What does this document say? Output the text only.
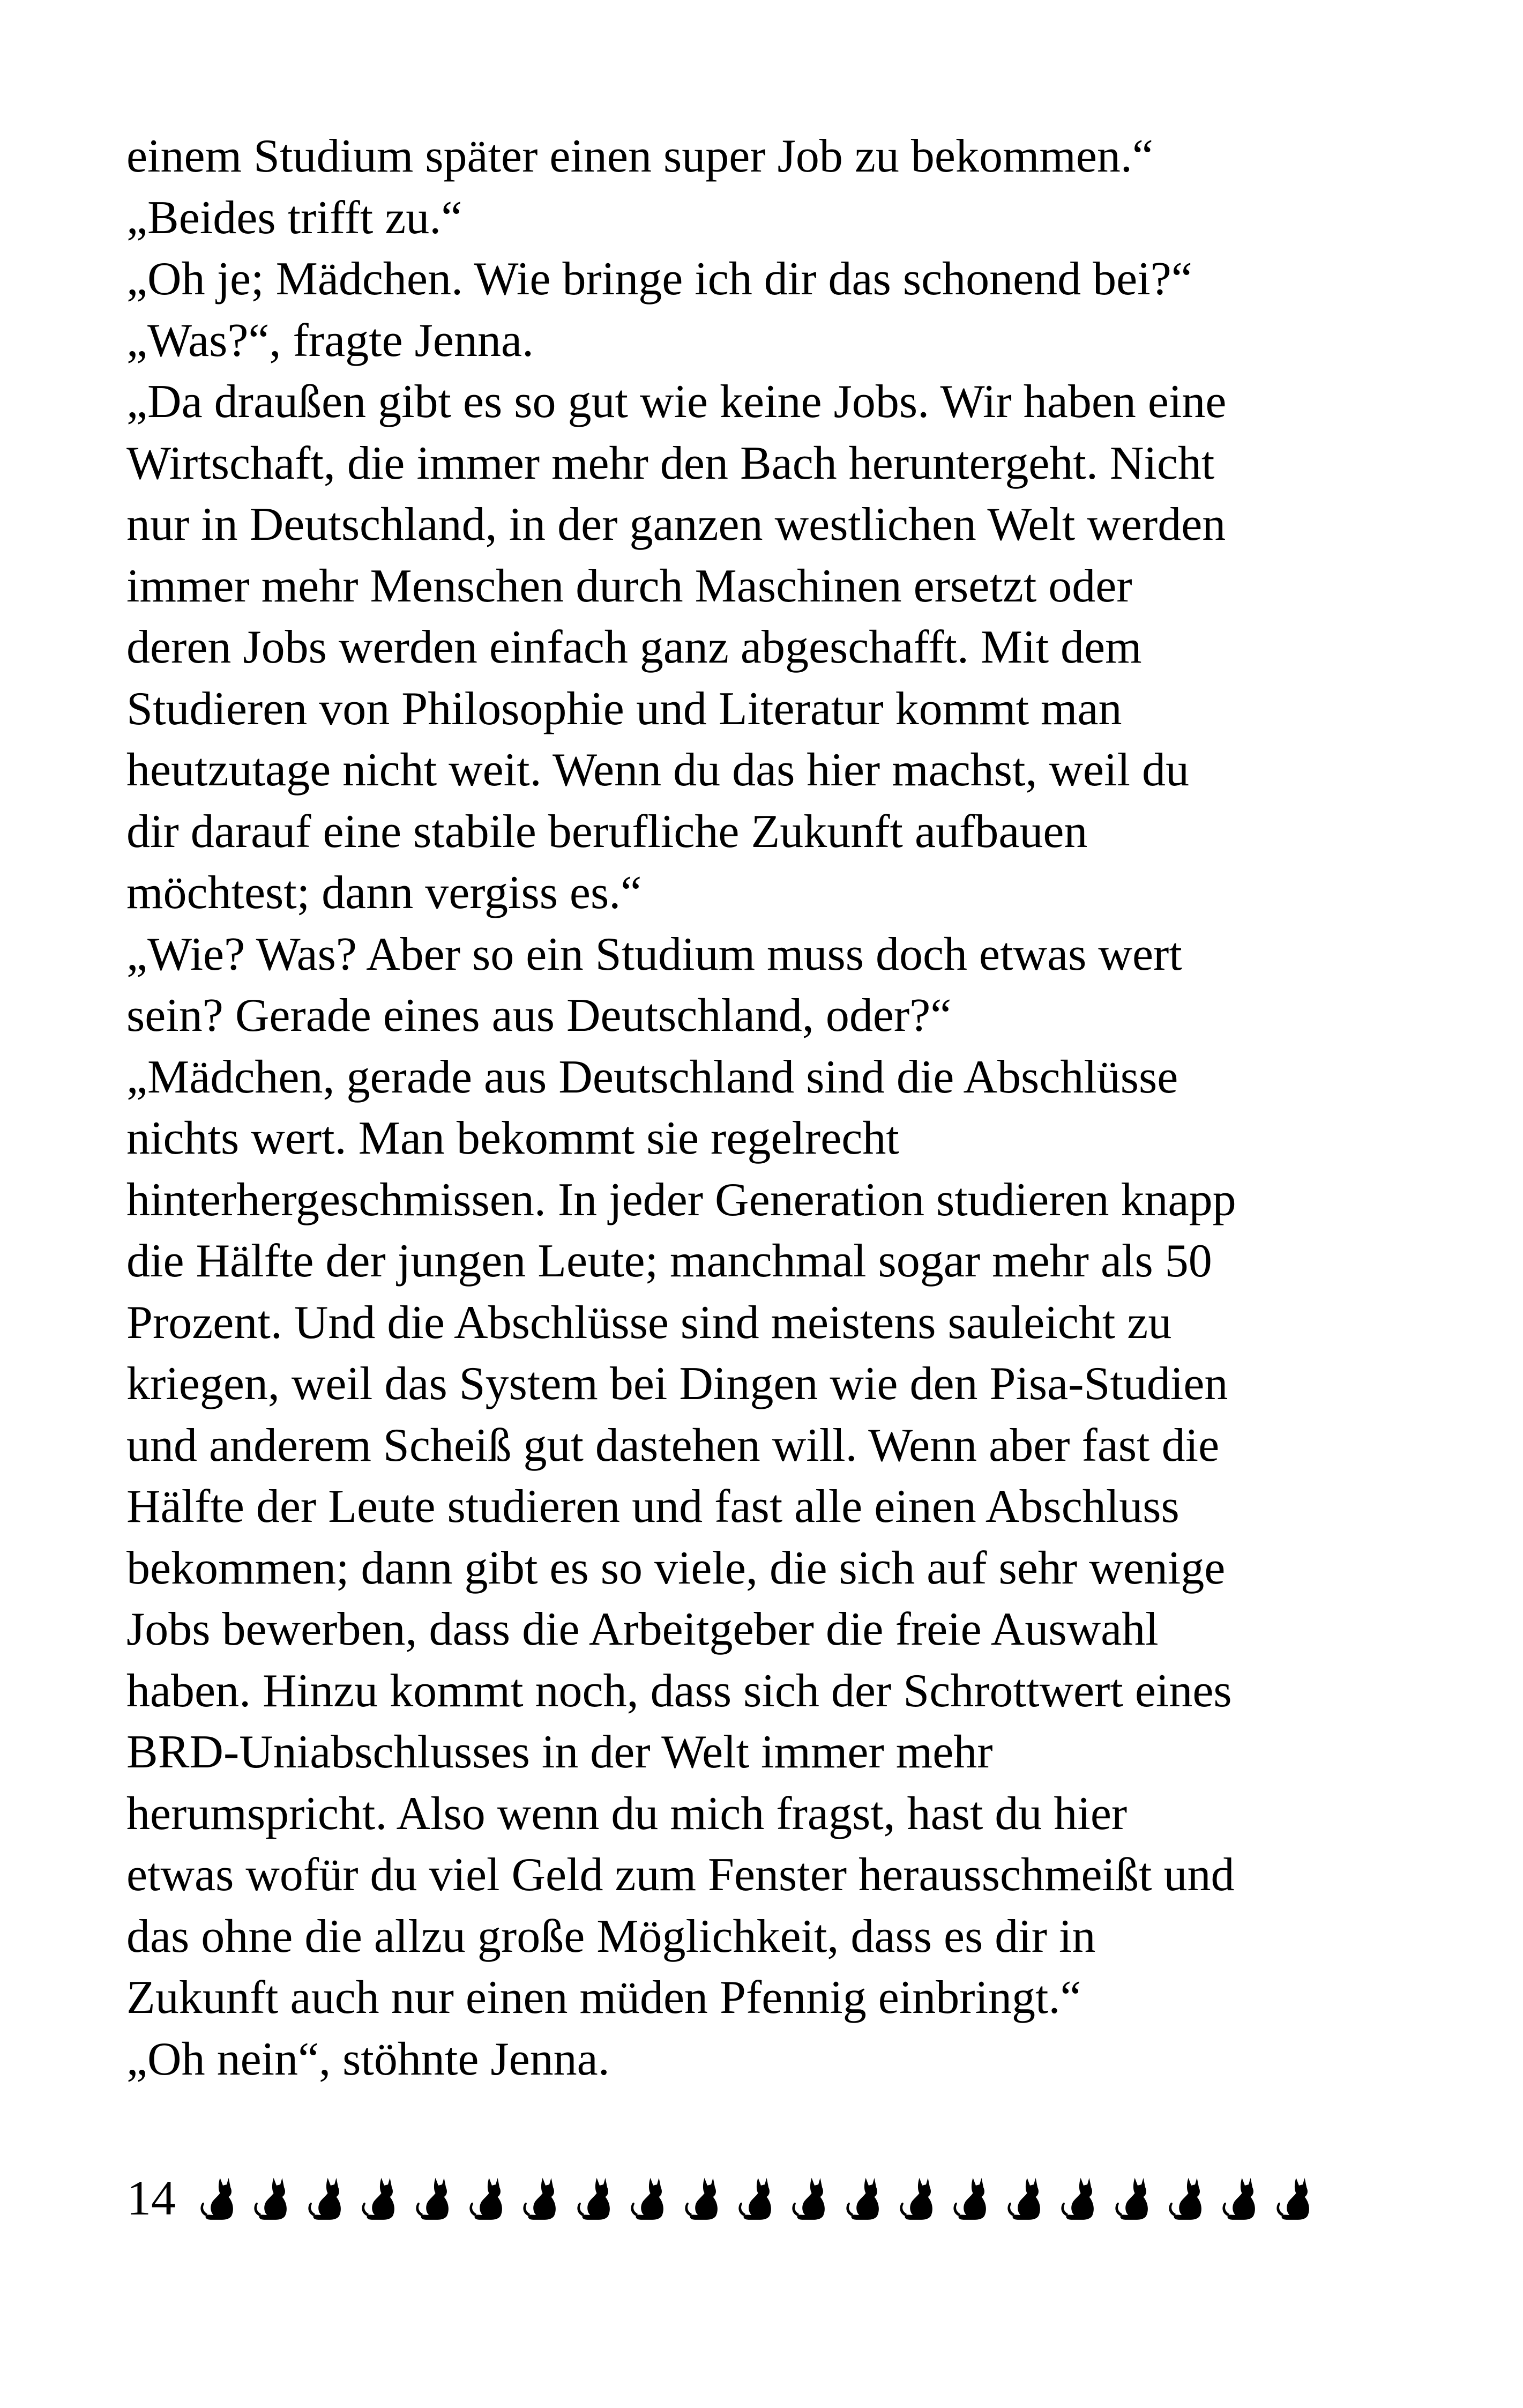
einem Studium später einen super Job zu bekommen.“
„Beides trifft zu.“
„Oh je; Mädchen. Wie bringe ich dir das schonend bei?“
„Was?“, fragte Jenna.
„Da draußen gibt es so gut wie keine Jobs. Wir haben eine
Wirtschaft, die immer mehr den Bach heruntergeht. Nicht
nur in Deutschland, in der ganzen westlichen Welt werden
immer mehr Menschen durch Maschinen ersetzt oder
deren Jobs werden einfach ganz abgeschafft. Mit dem
Studieren von Philosophie und Literatur kommt man
heutzutage nicht weit. Wenn du das hier machst, weil du
dir darauf eine stabile berufliche Zukunft aufbauen
möchtest; dann vergiss es.“
„Wie? Was? Aber so ein Studium muss doch etwas wert
sein? Gerade eines aus Deutschland, oder?“
„Mädchen, gerade aus Deutschland sind die Abschlüsse
nichts wert. Man bekommt sie regelrecht
hinterhergeschmissen. In jeder Generation studieren knapp
die Hälfte der jungen Leute; manchmal sogar mehr als 50
Prozent. Und die Abschlüsse sind meistens sauleicht zu
kriegen, weil das System bei Dingen wie den Pisa-Studien
und anderem Scheiß gut dastehen will. Wenn aber fast die
Hälfte der Leute studieren und fast alle einen Abschluss
bekommen; dann gibt es so viele, die sich auf sehr wenige
Jobs bewerben, dass die Arbeitgeber die freie Auswahl
haben. Hinzu kommt noch, dass sich der Schrottwert eines
BRD-Uniabschlusses in der Welt immer mehr
herumspricht. Also wenn du mich fragst, hast du hier
etwas wofür du viel Geld zum Fenster herausschmeißt und
das ohne die allzu große Möglichkeit, dass es dir in
Zukunft auch nur einen müden Pfennig einbringt.“
„Oh nein“, stöhnte Jenna.
14
